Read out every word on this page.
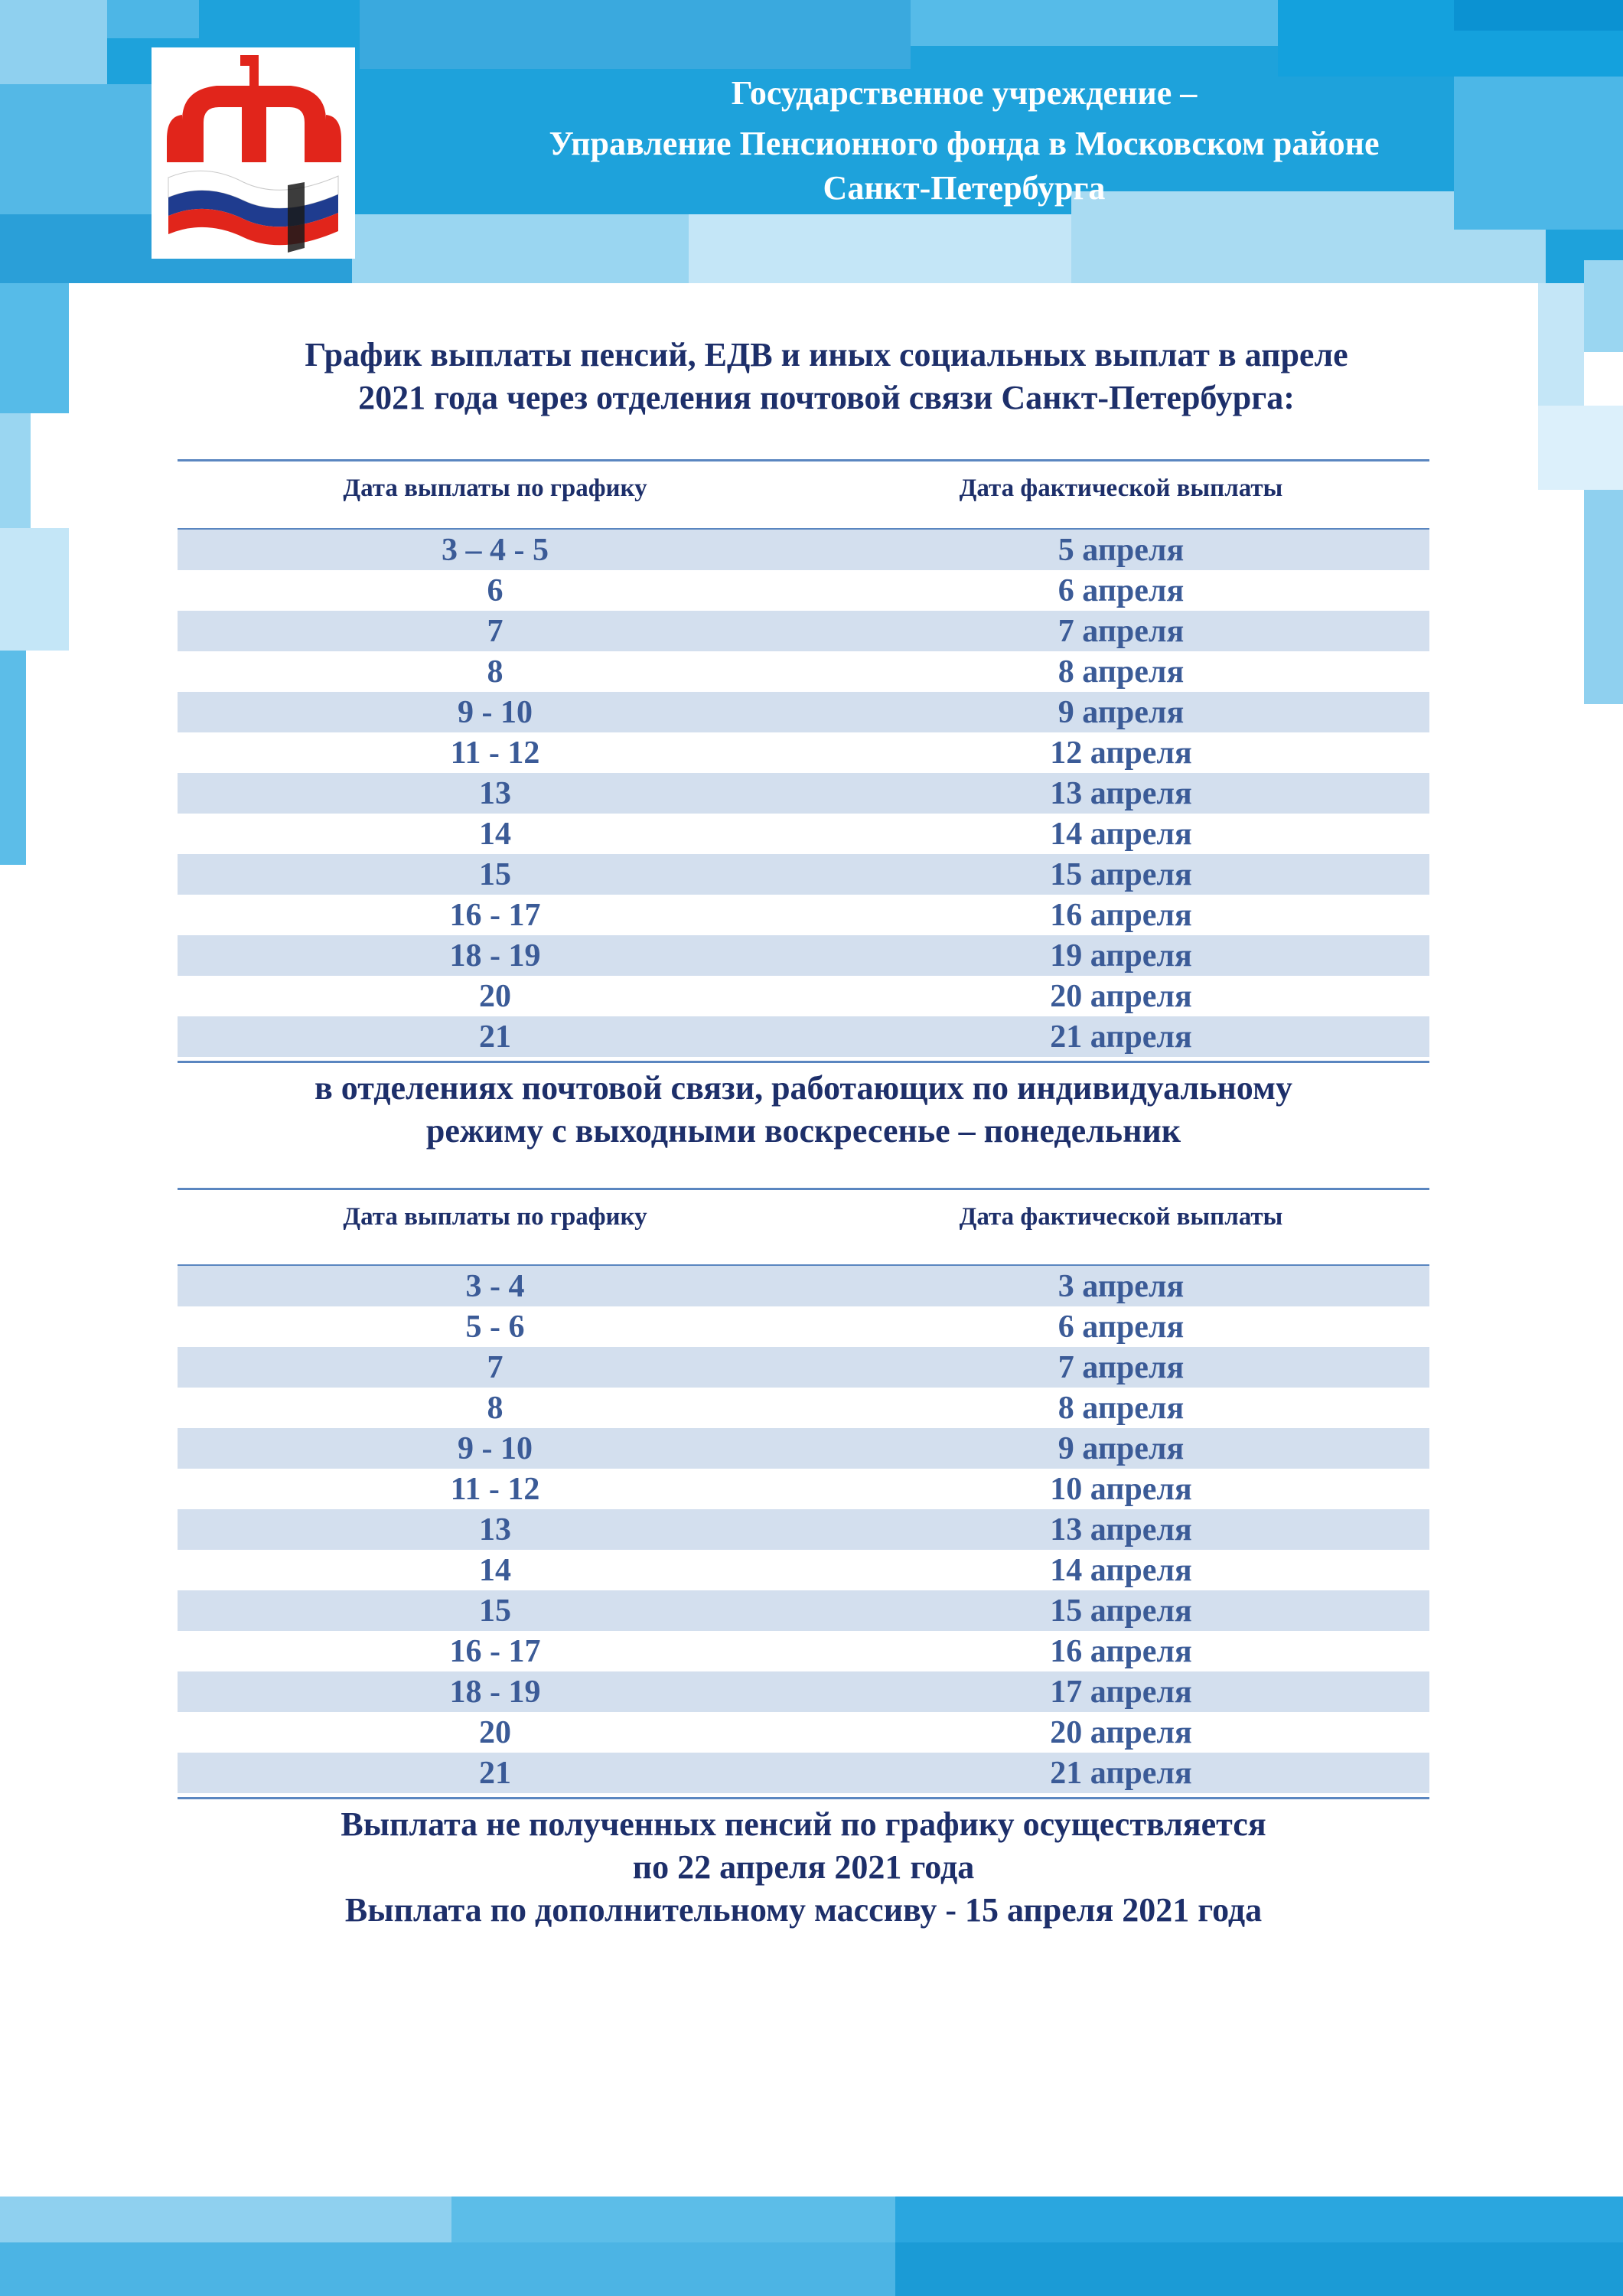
Государственное учреждение –
Управление Пенсионного фонда в Московском районе
Санкт-Петербурга
График выплаты пенсий, ЕДВ и иных социальных выплат в апреле
2021 года через отделения почтовой связи Санкт-Петербурга:
Дата выплаты по графику	Дата фактической выплаты
3 – 4 - 5	5 апреля
6	6 апреля
7	7 апреля
8	8 апреля
9 - 10	9 апреля
11 - 12	12 апреля
13	13 апреля
14	14 апреля
15	15 апреля
16 - 17	16 апреля
18 - 19	19 апреля
20	20 апреля
21	21 апреля
в отделениях почтовой связи, работающих по индивидуальному
режиму с выходными воскресенье – понедельник
Дата выплаты по графику	Дата фактической выплаты
3 - 4	3 апреля
5 - 6	6 апреля
7	7 апреля
8	8 апреля
9 - 10	9 апреля
11 - 12	10 апреля
13	13 апреля
14	14 апреля
15	15 апреля
16 - 17	16 апреля
18 - 19	17 апреля
20	20 апреля
21	21 апреля
Выплата не полученных пенсий по графику осуществляется
по 22 апреля 2021 года
Выплата по дополнительному массиву - 15 апреля 2021 года
